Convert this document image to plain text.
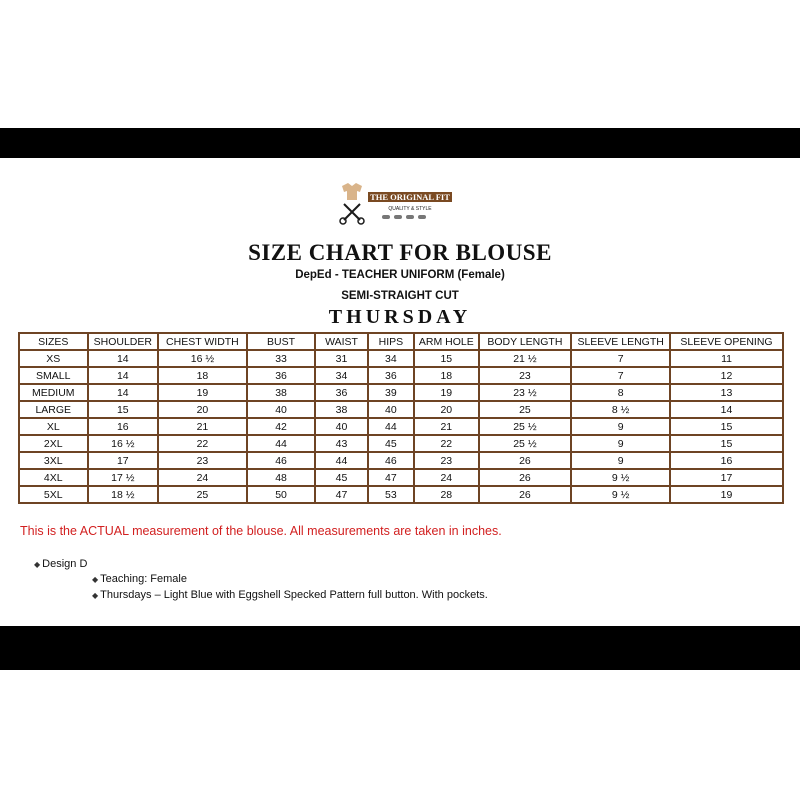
THE ORIGINAL FIT
QUALITY & STYLE
SIZE CHART FOR BLOUSE
DepEd - TEACHER UNIFORM (Female)
SEMI-STRAIGHT CUT
THURSDAY
SIZES	SHOULDER	CHEST WIDTH	BUST	WAIST	HIPS	ARM HOLE	BODY LENGTH	SLEEVE LENGTH	SLEEVE OPENING
XS	14	16 ½	33	31	34	15	21 ½	7	11
SMALL	14	18	36	34	36	18	23	7	12
MEDIUM	14	19	38	36	39	19	23 ½	8	13
LARGE	15	20	40	38	40	20	25	8 ½	14
XL	16	21	42	40	44	21	25 ½	9	15
2XL	16 ½	22	44	43	45	22	25 ½	9	15
3XL	17	23	46	44	46	23	26	9	16
4XL	17 ½	24	48	45	47	24	26	9 ½	17
5XL	18 ½	25	50	47	53	28	26	9 ½	19
This is the ACTUAL measurement of the blouse. All measurements are taken in inches.
◆ Design D
◆ Teaching: Female
◆ Thursdays – Light Blue with Eggshell Specked Pattern full button. With pockets.
